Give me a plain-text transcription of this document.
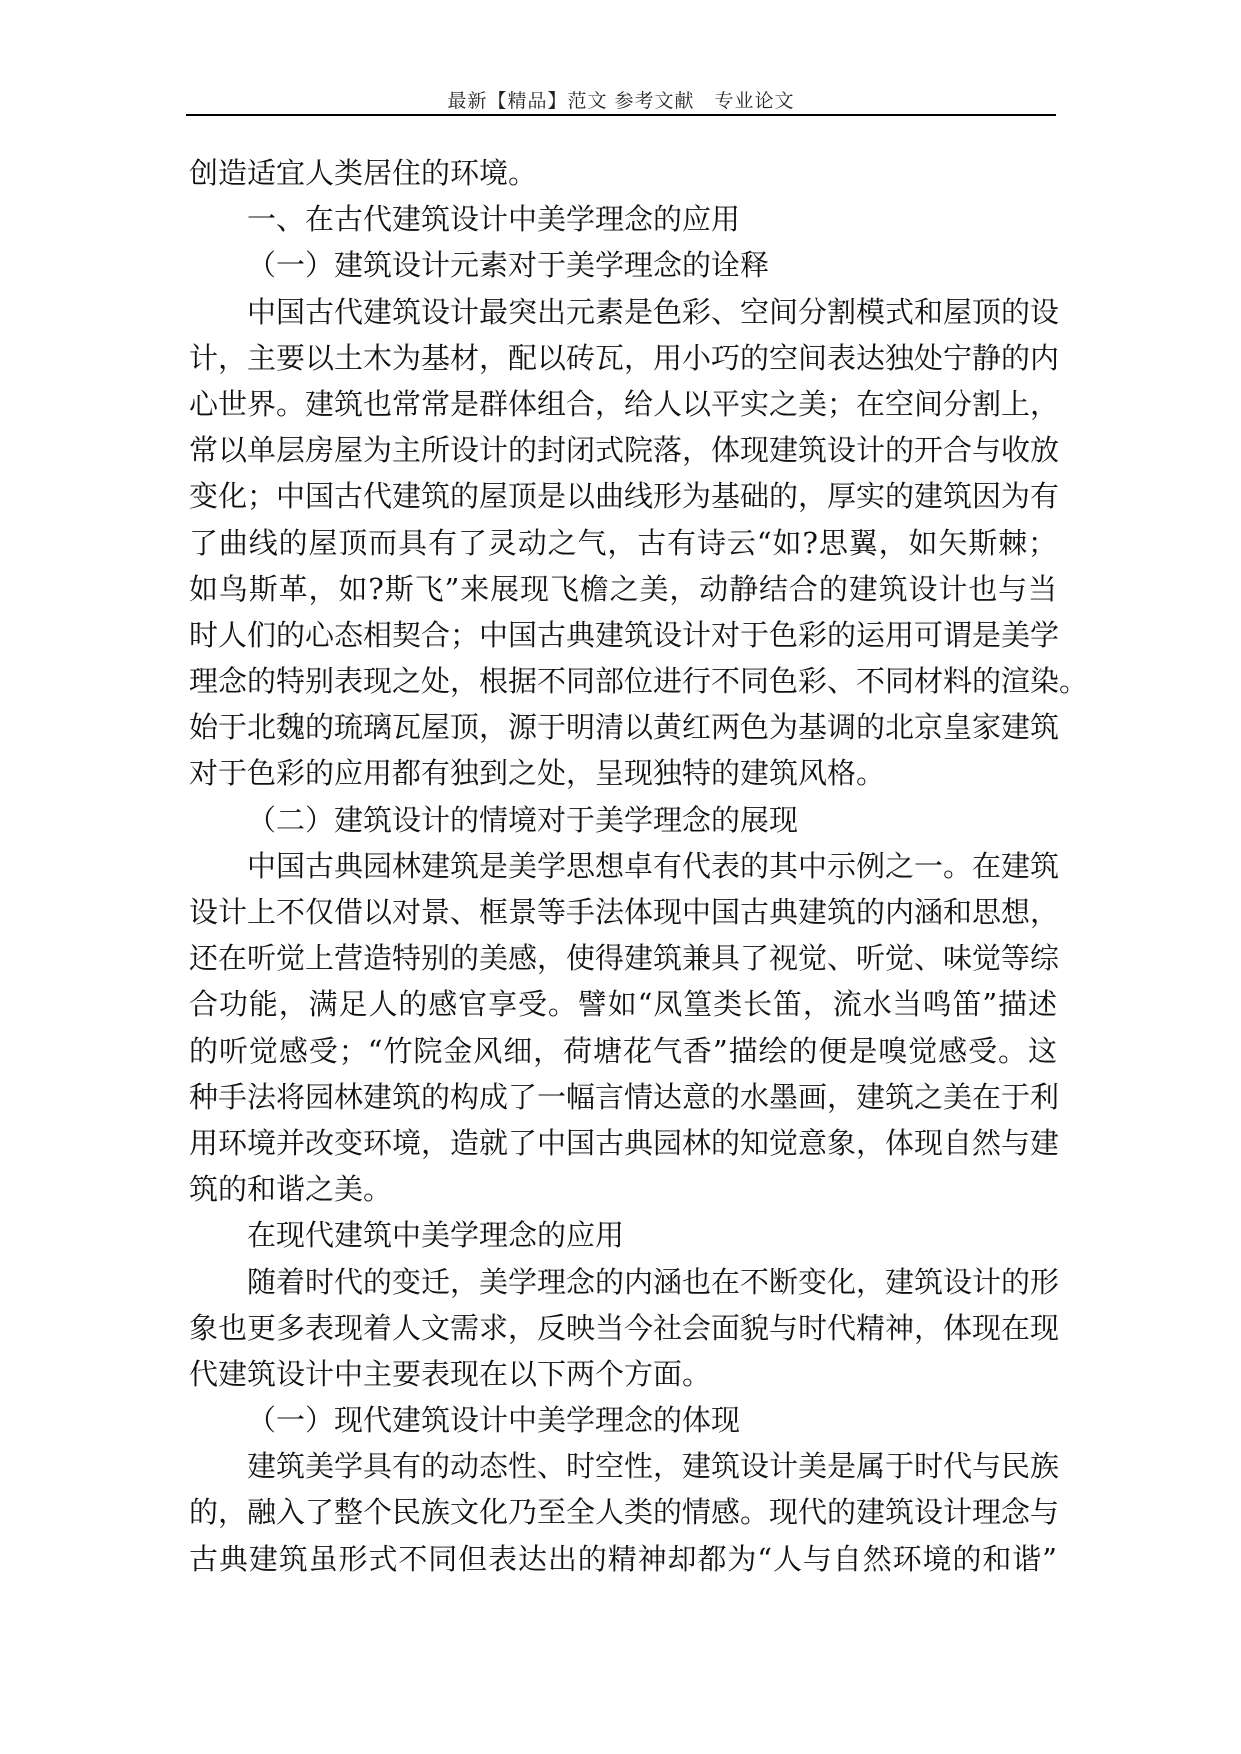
最新【精品】范文 参考文献　专业论文
创造适宜人类居住的环境。
一、在古代建筑设计中美学理念的应用
（一）建筑设计元素对于美学理念的诠释
中国古代建筑设计最突出元素是色彩、空间分割模式和屋顶的设
计，主要以土木为基材，配以砖瓦，用小巧的空间表达独处宁静的内
心世界。建筑也常常是群体组合，给人以平实之美；在空间分割上，
常以单层房屋为主所设计的封闭式院落，体现建筑设计的开合与收放
变化；中国古代建筑的屋顶是以曲线形为基础的，厚实的建筑因为有
了曲线的屋顶而具有了灵动之气，古有诗云“如?思翼，如矢斯棘；
如鸟斯革，如?斯飞”来展现飞檐之美，动静结合的建筑设计也与当
时人们的心态相契合；中国古典建筑设计对于色彩的运用可谓是美学
理念的特别表现之处，根据不同部位进行不同色彩、不同材料的渲染。
始于北魏的琉璃瓦屋顶，源于明清以黄红两色为基调的北京皇家建筑
对于色彩的应用都有独到之处，呈现独特的建筑风格。
（二）建筑设计的情境对于美学理念的展现
中国古典园林建筑是美学思想卓有代表的其中示例之一。在建筑
设计上不仅借以对景、框景等手法体现中国古典建筑的内涵和思想，
还在听觉上营造特别的美感，使得建筑兼具了视觉、听觉、味觉等综
合功能，满足人的感官享受。譬如“凤篁类长笛，流水当鸣笛”描述
的听觉感受；“竹院金风细，荷塘花气香”描绘的便是嗅觉感受。这
种手法将园林建筑的构成了一幅言情达意的水墨画，建筑之美在于利
用环境并改变环境，造就了中国古典园林的知觉意象，体现自然与建
筑的和谐之美。
在现代建筑中美学理念的应用
随着时代的变迁，美学理念的内涵也在不断变化，建筑设计的形
象也更多表现着人文需求，反映当今社会面貌与时代精神，体现在现
代建筑设计中主要表现在以下两个方面。
（一）现代建筑设计中美学理念的体现
建筑美学具有的动态性、时空性，建筑设计美是属于时代与民族
的，融入了整个民族文化乃至全人类的情感。现代的建筑设计理念与
古典建筑虽形式不同但表达出的精神却都为“人与自然环境的和谐”
